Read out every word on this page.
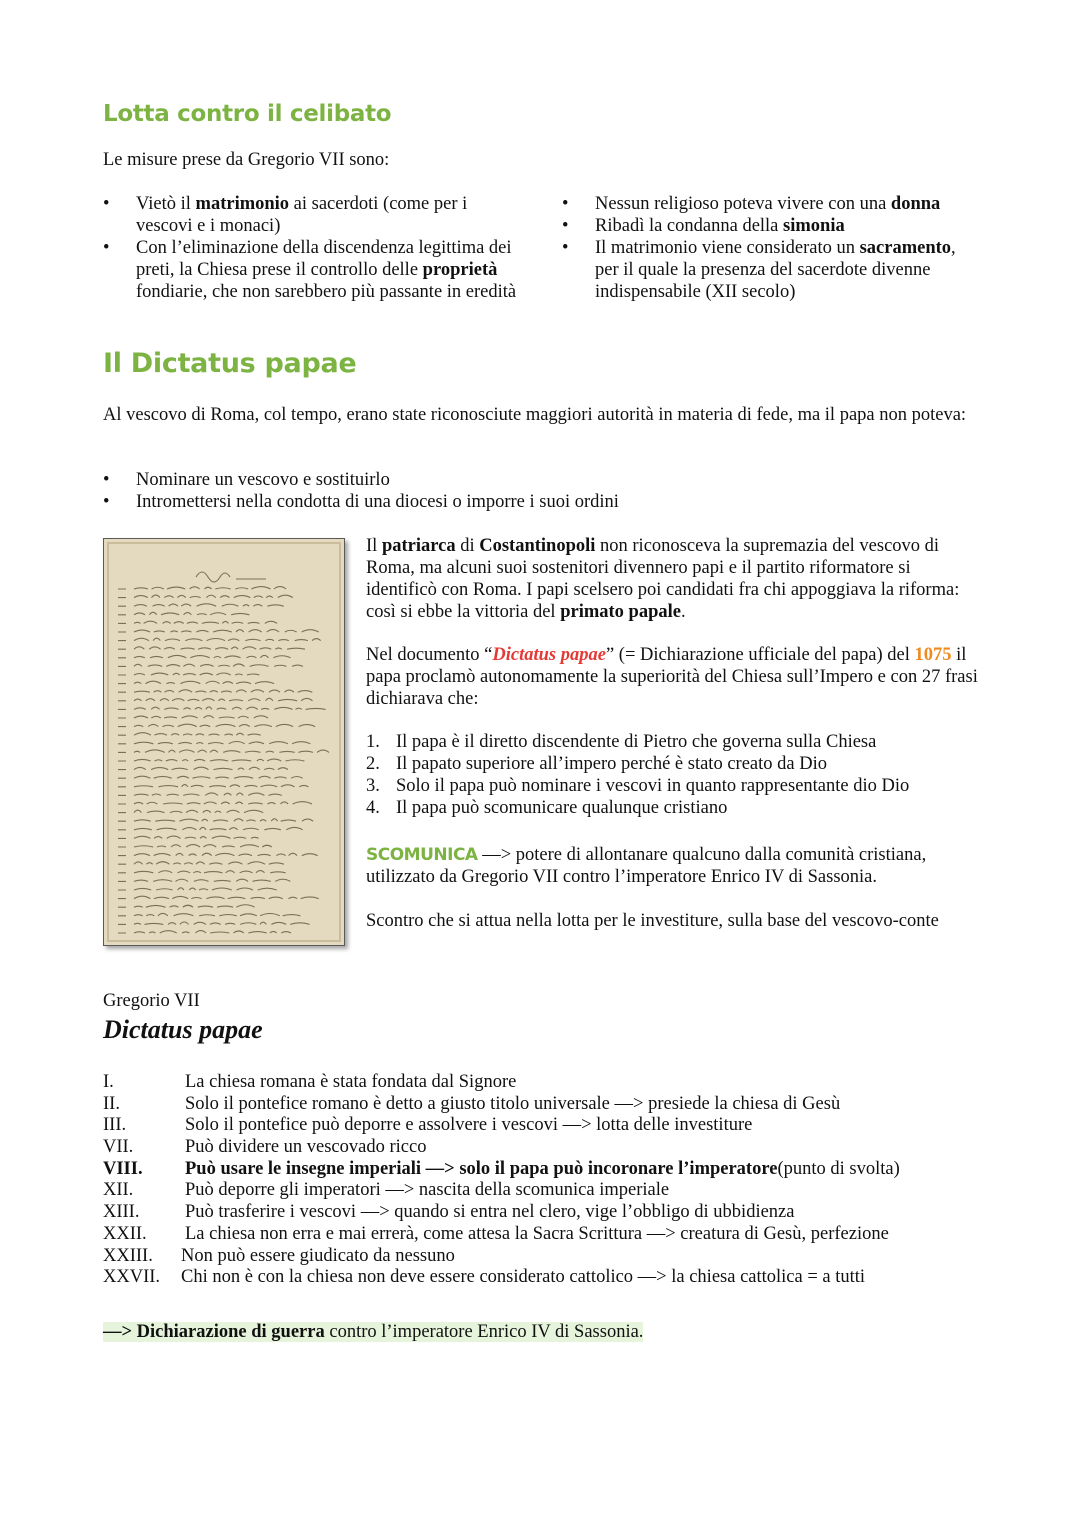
Lotta contro il celibato

Le misure prese da Gregorio VII sono:

• Vietò il matrimonio ai sacerdoti (come per i vescovi e i monaci)
• Con l’eliminazione della discendenza legittima dei preti, la Chiesa prese il controllo delle proprietà fondiarie, che non sarebbero più passante in eredità
• Nessun religioso poteva vivere con una donna
• Ribadì la condanna della simonia
• Il matrimonio viene considerato un sacramento, per il quale la presenza del sacerdote divenne indispensabile (XII secolo)
Il Dictatus papae

Al vescovo di Roma, col tempo, erano state riconosciute maggiori autorità in materia di fede, ma il papa non poteva:

• Nominare un vescovo e sostituirlo
• Intromettersi nella condotta di una diocesi o imporre i suoi ordini
Il patriarca di Costantinopoli non riconosceva la supremazia del vescovo di Roma, ma alcuni suoi sostenitori divennero papi e il partito riformatore si identificò con Roma. I papi scelsero poi candidati fra chi appoggiava la riforma: così si ebbe la vittoria del primato papale.
Nel documento “Dictatus papae” (= Dichiarazione ufficiale del papa) del 1075 il papa proclamò autonomamente la superiorità del Chiesa sull’Impero e con 27 frasi dichiarava che:
1. Il papa è il diretto discendente di Pietro che governa sulla Chiesa
2. Il papato superiore all’impero perché è stato creato da Dio
3. Solo il papa può nominare i vescovi in quanto rappresentante dio Dio
4. Il papa può scomunicare qualunque cristiano
SCOMUNICA —> potere di allontanare qualcuno dalla comunità cristiana, utilizzato da Gregorio VII contro l’imperatore Enrico IV di Sassonia.

Scontro che si attua nella lotta per le investiture, sulla base del vescovo-conte

Gregorio VII

Dictatus papae

I.	La chiesa romana è stata fondata dal Signore
II.	Solo il pontefice romano è detto a giusto titolo universale —> presiede la chiesa di Gesù
III.	Solo il pontefice può deporre e assolvere i vescovi —> lotta delle investiture
VII.	Può dividere un vescovado ricco
VIII.	Può usare le insegne imperiali —> solo il papa può incoronare l’imperatore (punto di svolta)
XII.	Può deporre gli imperatori —> nascita della scomunica imperiale
XIII.	Può trasferire i vescovi —> quando si entra nel clero, vige l’obbligo di ubbidienza
XXII.	La chiesa non erra e mai errerà, come attesa la Sacra Scrittura —> creatura di Gesù, perfezione
XXIII.	Non può essere giudicato da nessuno
XXVII.	Chi non è con la chiesa non deve essere considerato cattolico —> la chiesa cattolica = a tutti
—> Dichiarazione di guerra contro l’imperatore Enrico IV di Sassonia.
